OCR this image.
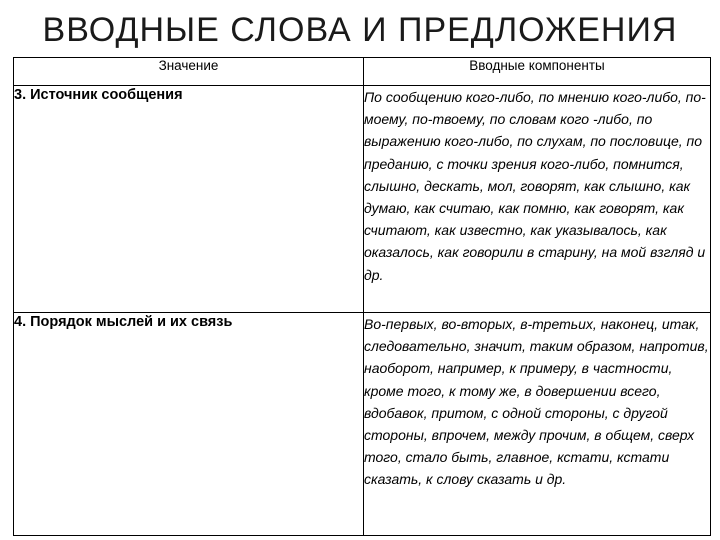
ВВОДНЫЕ СЛОВА И ПРЕДЛОЖЕНИЯ
Значение	Вводные компоненты
3. Источник сообщения	По сообщению кого-либо, по мнению кого-либо, по-моему, по-твоему, по словам кого -либо, по выражению кого-либо, по слухам, по пословице, по преданию, с точки зрения кого-либо, помнится, слышно, дескать, мол, говорят, как слышно, как думаю, как считаю, как помню, как говорят, как считают, как известно, как указывалось, как оказалось, как говорили в старину, на мой взгляд и др.
4. Порядок мыслей и их связь	Во-первых, во-вторых, в-третьих, наконец, итак, следовательно, значит, таким образом, напротив, наоборот, например, к примеру, в частности, кроме того, к тому же, в довершении всего, вдобавок, притом, с одной стороны, с другой стороны, впрочем, между прочим, в общем, сверх того, стало быть, главное, кстати, кстати сказать, к слову сказать и др.
